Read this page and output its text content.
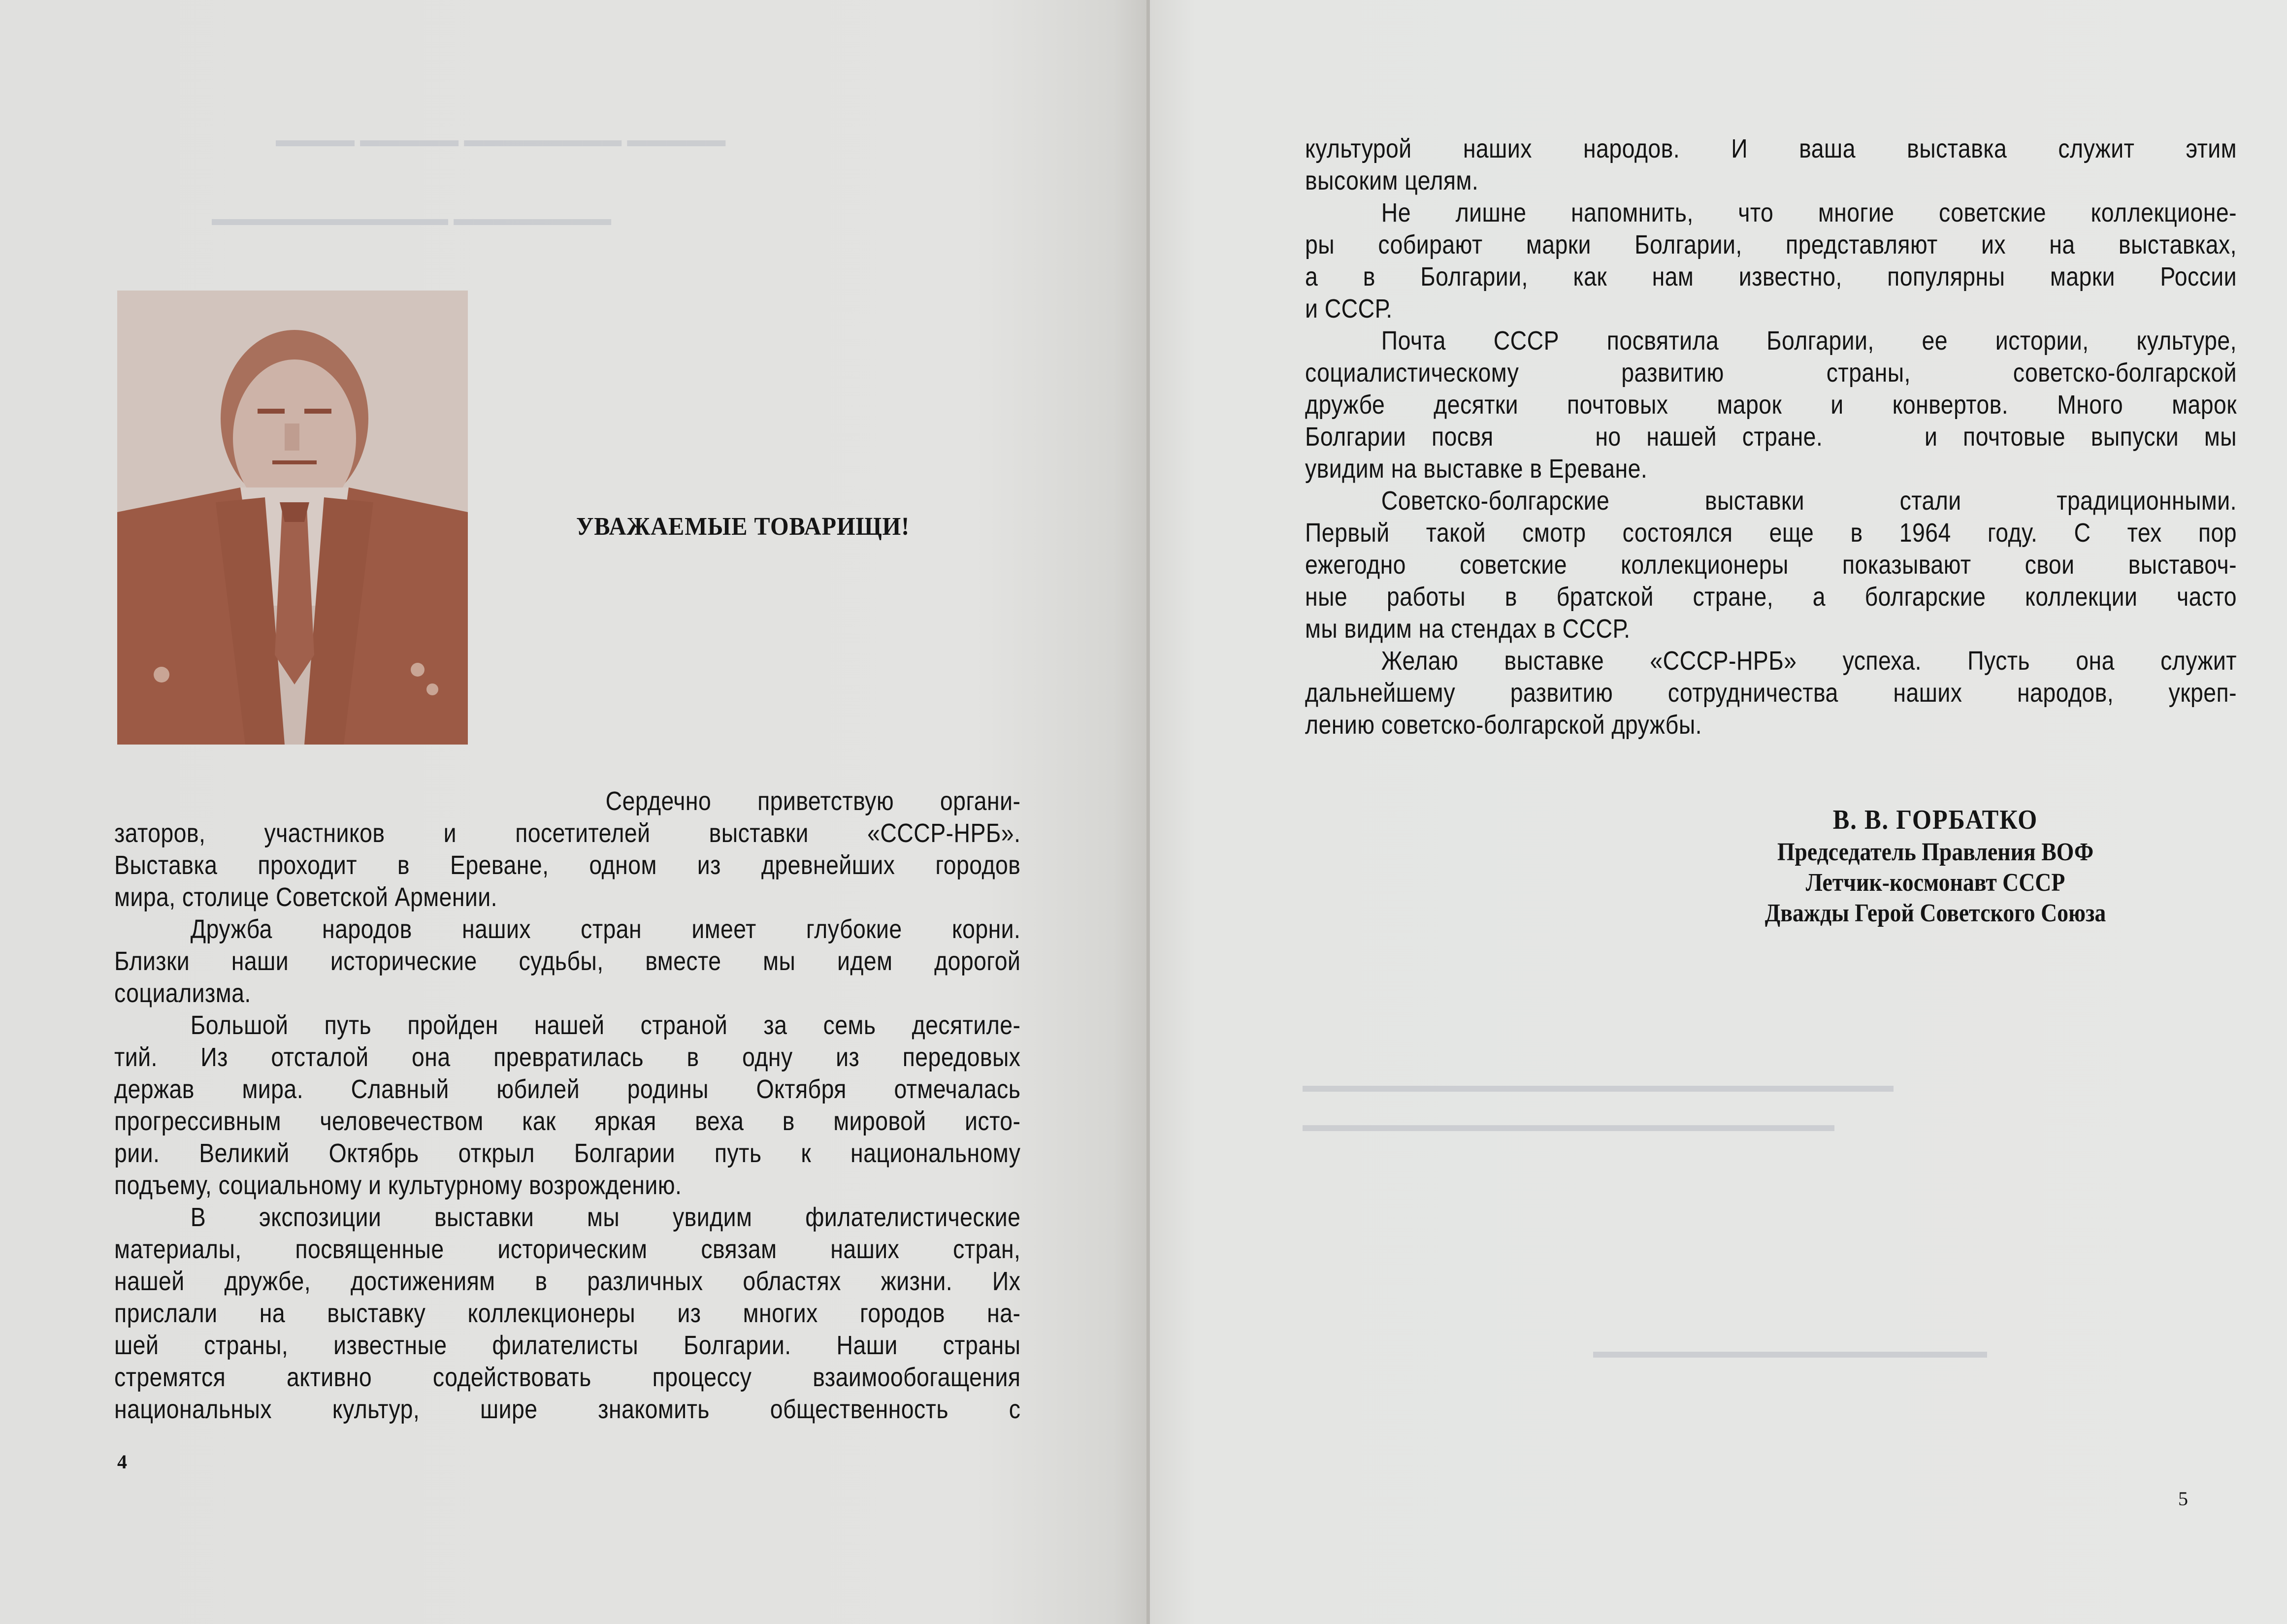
▬▬▬▬ ▬▬▬▬▬ ▬▬▬▬▬▬▬▬ ▬▬▬▬▬
▬▬▬▬▬▬▬▬▬▬▬▬ ▬▬▬▬▬▬▬▬
УВАЖАЕМЫЕ ТОВАРИЩИ!
Сердечно приветствую органи-
заторов, участников и посетителей выставки «СССР-НРБ».
Выставка проходит в Ереване, одном из древнейших городов
мира, столице Советской Армении.
Дружба народов наших стран имеет глубокие корни.
Близки наши исторические судьбы, вместе мы идем дорогой
социализма.
Большой путь пройден нашей страной за семь десятиле-
тий. Из отсталой она превратилась в одну из передовых
держав мира. Славный юбилей родины Октября отмечалась
прогрессивным человечеством как яркая веха в мировой исто-
рии. Великий Октябрь открыл Болгарии путь к национальному
подъему, социальному и культурному возрождению.
В экспозиции выставки мы увидим филателистические
материалы, посвященные историческим связам наших стран,
нашей дружбе, достижениям в различных областях жизни. Их
прислали на выставку коллекционеры из многих городов на-
шей страны, известные филателисты Болгарии. Наши страны
стремятся активно содействовать процессу взаимообогащения
национальных культур, шире знакомить общественность с
4
▬▬▬▬▬▬▬▬▬▬▬▬▬▬▬▬▬▬▬▬▬▬▬▬▬▬▬▬▬▬
▬▬▬▬▬▬▬▬▬▬▬▬▬▬▬▬▬▬▬▬▬▬▬▬▬▬▬
▬▬▬▬▬▬▬▬▬▬▬▬▬▬▬▬▬▬▬▬
культурой наших народов. И ваша выставка служит этим
высоким целям.
Не лишне напомнить, что многие советские коллекционе-
ры собирают марки Болгарии, представляют их на выставках,
а в Болгарии, как нам известно, популярны марки России
и СССР.
Почта СССР посвятила Болгарии, ее истории, культуре,
социалистическому развитию страны, советско-болгарской
дружбе десятки почтовых марок и конвертов. Много марок
Болгарии посвя    но нашей стране.    и почтовые выпуски мы
увидим на выставке в Ереване.
Советско-болгарские выставки стали традиционными.
Первый такой смотр состоялся еще в 1964 году. С тех пор
ежегодно советские коллекционеры показывают свои выставоч-
ные работы в братской стране, а болгарские коллекции часто
мы видим на стендах в СССР.
Желаю выставке «СССР-НРБ» успеха. Пусть она служит
дальнейшему развитию сотрудничества наших народов, укреп-
лению советско-болгарской дружбы.
В. В. ГОРБАТКО
Председатель Правления ВОФ
Летчик-космонавт СССР
Дважды Герой Советского Союза
5
